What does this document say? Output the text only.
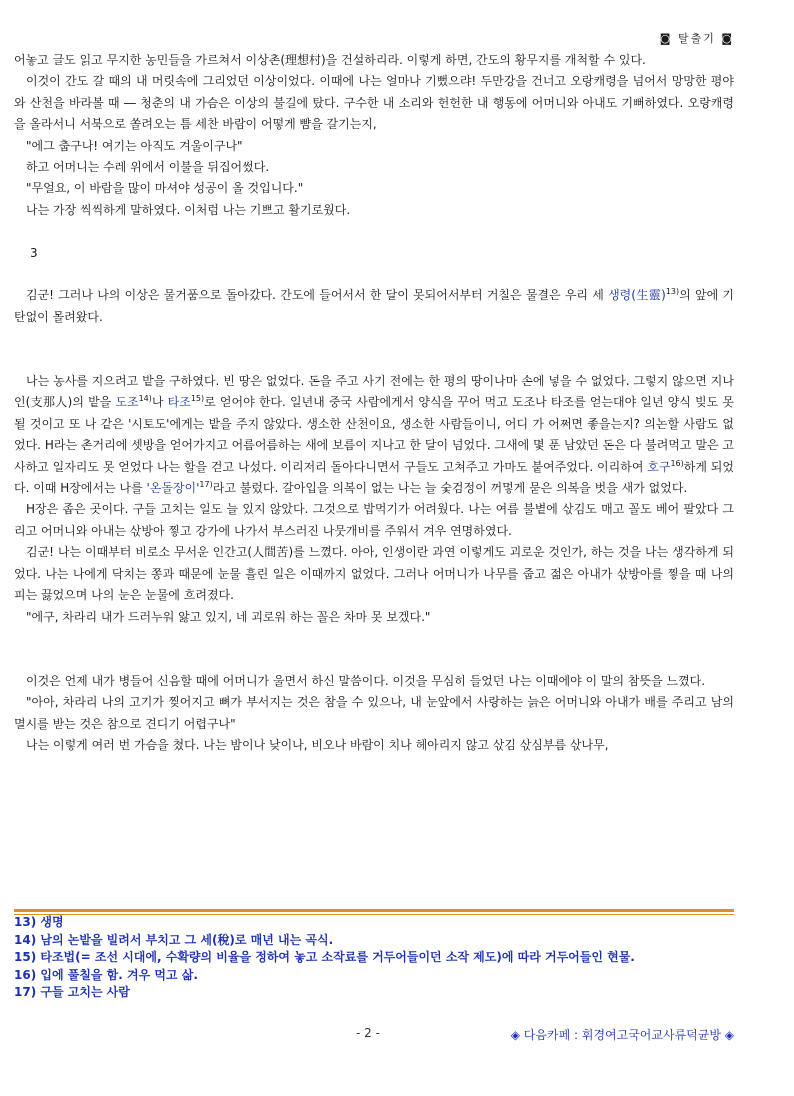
◙ 탈출기 ◙

어놓고 글도 읽고 무지한 농민들을 가르쳐서 이상촌(理想村)을 건설하리라. 이렇게 하면, 간도의 황무지를 개척할 수 있다.

이것이 간도 갈 때의 내 머릿속에 그리었던 이상이었다. 이때에 나는 얼마나 기뻤으랴! 두만강을 건너고 오랑캐령을 넘어서 망망한 평야와 산천을 바라볼 때 ― 청춘의 내 가슴은 이상의 불길에 탔다. 구수한 내 소리와 헌헌한 내 행동에 어머니와 아내도 기뻐하였다. 오랑캐령을 올라서니 서북으로 쏠려오는 틈 세찬 바람이 어떻게 뺨을 갈기는지,

"에그 춥구나! 여기는 아직도 겨울이구나"

하고 어머니는 수레 위에서 이불을 뒤집어썼다.

"무얼요, 이 바람을 많이 마셔야 성공이 올 것입니다."

나는 가장 씩씩하게 말하였다. 이처럼 나는 기쁘고 활기로웠다.

3

김군! 그러나 나의 이상은 물거품으로 돌아갔다. 간도에 들어서서 한 달이 못되어서부터 거칠은 물결은 우리 세 생령(生靈)$^{13)}$의 앞에 기탄없이 몰려왔다.

나는 농사를 지으려고 밭을 구하였다. 빈 땅은 없었다. 돈을 주고 사기 전에는 한 평의 땅이나마 손에 넣을 수 없었다. 그렇지 않으면 지나인(支那人)의 밭을 도조$^{14)}$나 타조$^{15)}$로 얻어야 한다. 일년내 중국 사람에게서 양식을 꾸어 먹고 도조나 타조를 얻는대야 일년 양식 빚도 못될 것이고 또 나 같은 '시토도'에게는 밭을 주지 않았다. 생소한 산천이요, 생소한 사람들이니, 어디 가 어쩌면 좋을는지? 의논할 사람도 없었다. H라는 촌거리에 셋방을 얻어가지고 어름어름하는 새에 보름이 지나고 한 달이 넘었다. 그새에 몇 푼 남았던 돈은 다 불려먹고 말은 고사하고 일자리도 못 얻었다 나는 할을 걷고 나섰다. 이리저리 돌아다니면서 구들도 고쳐주고 가마도 붙여주었다. 이리하여 호구$^{16)}$하게 되었다. 이때 H장에서는 나를 '온돌장이'$^{17)}$라고 불렀다. 갈아입을 의복이 없는 나는 늘 숯검정이 꺼멓게 묻은 의복을 벗을 새가 없었다.

H장은 좁은 곳이다. 구들 고치는 일도 늘 있지 않았다. 그것으로 밥먹기가 어려웠다. 나는 여름 불볕에 삯김도 매고 꼴도 베어 팔았다 그리고 어머니와 아내는 삯방아 찧고 강가에 나가서 부스러진 나뭇개비를 주워서 겨우 연명하였다.

김군! 나는 이때부터 비로소 무서운 인간고(人間苦)를 느꼈다. 아아, 인생이란 과연 이렇게도 괴로운 것인가, 하는 것을 나는 생각하게 되었다. 나는 나에게 닥치는 쫑과 때문에 눈물 흘린 일은 이때까지 없었다. 그러나 어머니가 나무를 줍고 젊은 아내가 삯방아를 찧을 때 나의 피는 끓었으며 나의 눈은 눈물에 흐려졌다.

"에구, 차라리 내가 드러누워 앓고 있지, 네 괴로워 하는 꼴은 차마 못 보겠다."

이것은 언제 내가 병들어 신음할 때에 어머니가 울면서 하신 말씀이다. 이것을 무심히 들었던 나는 이때에야 이 말의 참뜻을 느꼈다.

"아아, 차라리 나의 고기가 찢어지고 뼈가 부서지는 것은 참을 수 있으나, 내 눈앞에서 사랑하는 늙은 어머니와 아내가 배를 주리고 남의 멸시를 받는 것은 참으로 견디기 어렵구나"

나는 이렇게 여러 번 가슴을 쳤다. 나는 밤이나 낮이나, 비오나 바람이 치나 헤아리지 않고 삯김 삯심부름 삯나무,

13) 생명

14) 남의 논밭을 빌려서 부치고 그 세(稅)로 매년 내는 곡식.

15) 타조법(= 조선 시대에, 수확량의 비율을 정하여 놓고 소작료를 거두어들이던 소작 제도)에 따라 거두어들인 현물.

16) 입에 풀칠을 함. 겨우 먹고 삶.

17) 구들 고치는 사람

- 2 -	◈ 다음카페 : 휘경여고국어교사류덕균방 ◈
